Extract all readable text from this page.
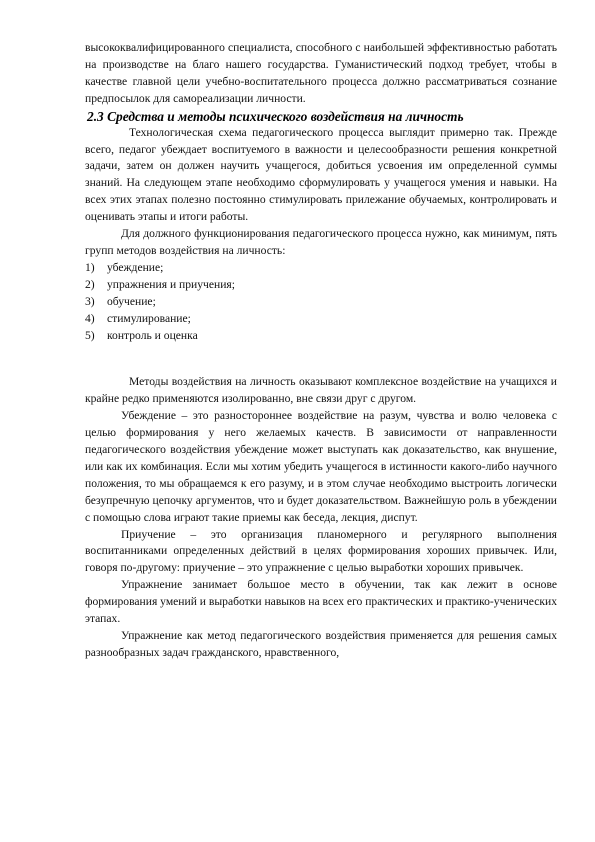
высококвалифицированного специалиста, способного с наибольшей эффективностью работать на производстве на благо нашего государства. Гуманистический подход требует, чтобы в качестве главной цели учебно-воспитательного процесса должно рассматриваться сознание предпосылок для самореализации личности.

2.3 Средства и методы психического воздействия на личность

Технологическая схема педагогического процесса выглядит примерно так. Прежде всего, педагог убеждает воспитуемого в важности и целесообразности решения конкретной задачи, затем он должен научить учащегося, добиться усвоения им определенной суммы знаний. На следующем этапе необходимо сформулировать у учащегося умения и навыки. На всех этих этапах полезно постоянно стимулировать прилежание обучаемых, контролировать и оценивать этапы и итоги работы.

Для должного функционирования педагогического процесса нужно, как минимум, пять групп методов воздействия на личность:

1)	убеждение;
2)	упражнения и приучения;
3)	обучение;
4)	стимулирование;
5)	контроль и оценка

Методы воздействия на личность оказывают комплексное воздействие на учащихся и крайне редко применяются изолированно, вне связи друг с другом.

Убеждение – это разностороннее воздействие на разум, чувства и волю человека с целью формирования у него желаемых качеств. В зависимости от направленности педагогического воздействия убеждение может выступать как доказательство, как внушение, или как их комбинация. Если мы хотим убедить учащегося в истинности какого-либо научного положения, то мы обращаемся к его разуму, и в этом случае необходимо выстроить логически безупречную цепочку аргументов, что и будет доказательством. Важнейшую роль в убеждении с помощью слова играют такие приемы как беседа, лекция, диспут.

Приучение – это организация планомерного и регулярного выполнения воспитанниками определенных действий в целях формирования хороших привычек. Или, говоря по-другому: приучение – это упражнение с целью выработки хороших привычек.

Упражнение занимает большое место в обучении, так как лежит в основе формирования умений и выработки навыков на всех его практических и практико-ученических этапах.

Упражнение как метод педагогического воздействия применяется для решения самых разнообразных задач гражданского, нравственного,
